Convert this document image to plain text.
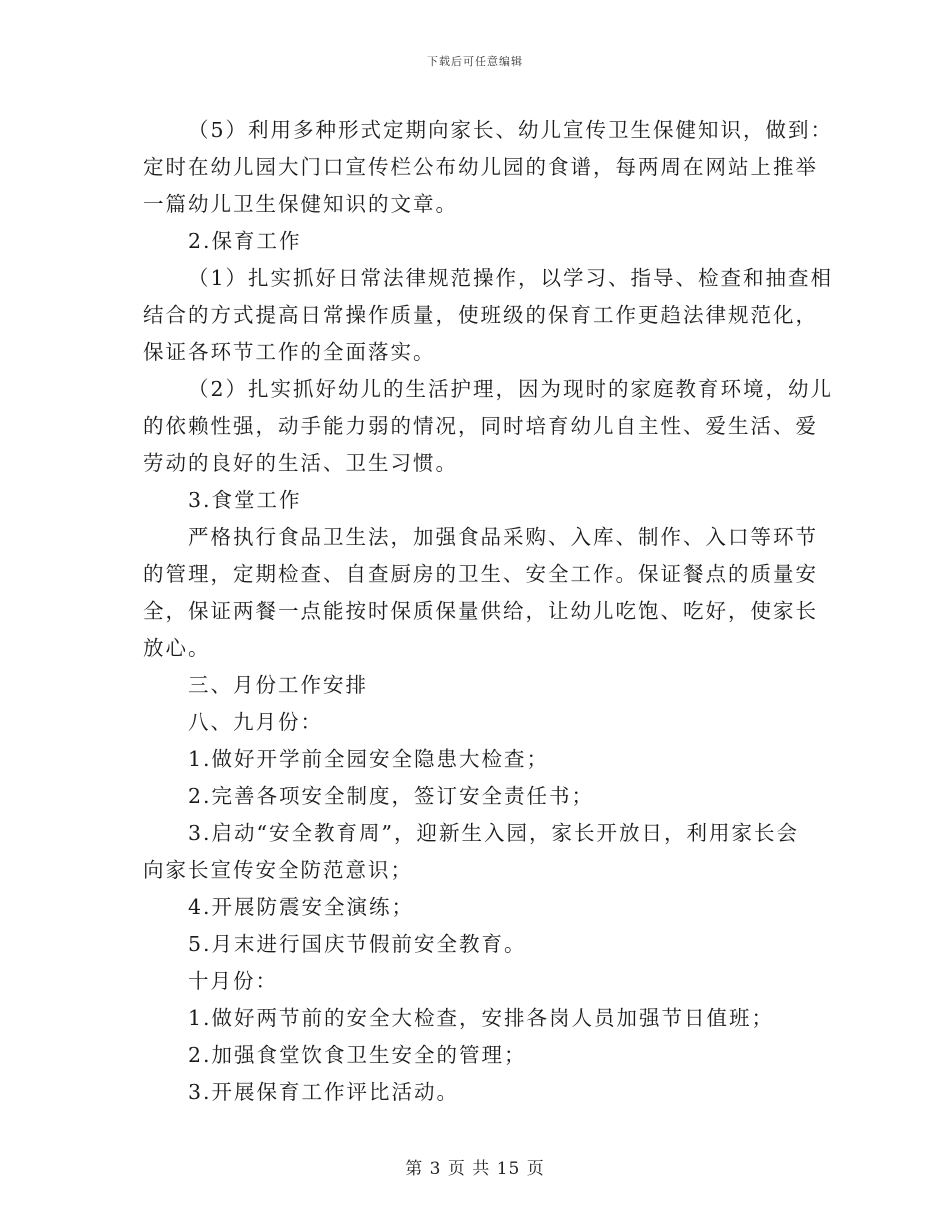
下载后可任意编辑
（5）利用多种形式定期向家长、幼儿宣传卫生保健知识，做到：
定时在幼儿园大门口宣传栏公布幼儿园的食谱，每两周在网站上推举
一篇幼儿卫生保健知识的文章。
2.保育工作
（1）扎实抓好日常法律规范操作，以学习、指导、检查和抽查相
结合的方式提高日常操作质量，使班级的保育工作更趋法律规范化，
保证各环节工作的全面落实。
（2）扎实抓好幼儿的生活护理，因为现时的家庭教育环境，幼儿
的依赖性强，动手能力弱的情况，同时培育幼儿自主性、爱生活、爱
劳动的良好的生活、卫生习惯。
3.食堂工作
严格执行食品卫生法，加强食品采购、入库、制作、入口等环节
的管理，定期检查、自查厨房的卫生、安全工作。保证餐点的质量安
全，保证两餐一点能按时保质保量供给，让幼儿吃饱、吃好，使家长
放心。
三、月份工作安排
八、九月份：
1.做好开学前全园安全隐患大检查；
2.完善各项安全制度，签订安全责任书；
3.启动“安全教育周”，迎新生入园，家长开放日，利用家长会
向家长宣传安全防范意识；
4.开展防震安全演练；
5.月末进行国庆节假前安全教育。
十月份：
1.做好两节前的安全大检查，安排各岗人员加强节日值班；
2.加强食堂饮食卫生安全的管理；
3.开展保育工作评比活动。
第 3 页 共 15 页
